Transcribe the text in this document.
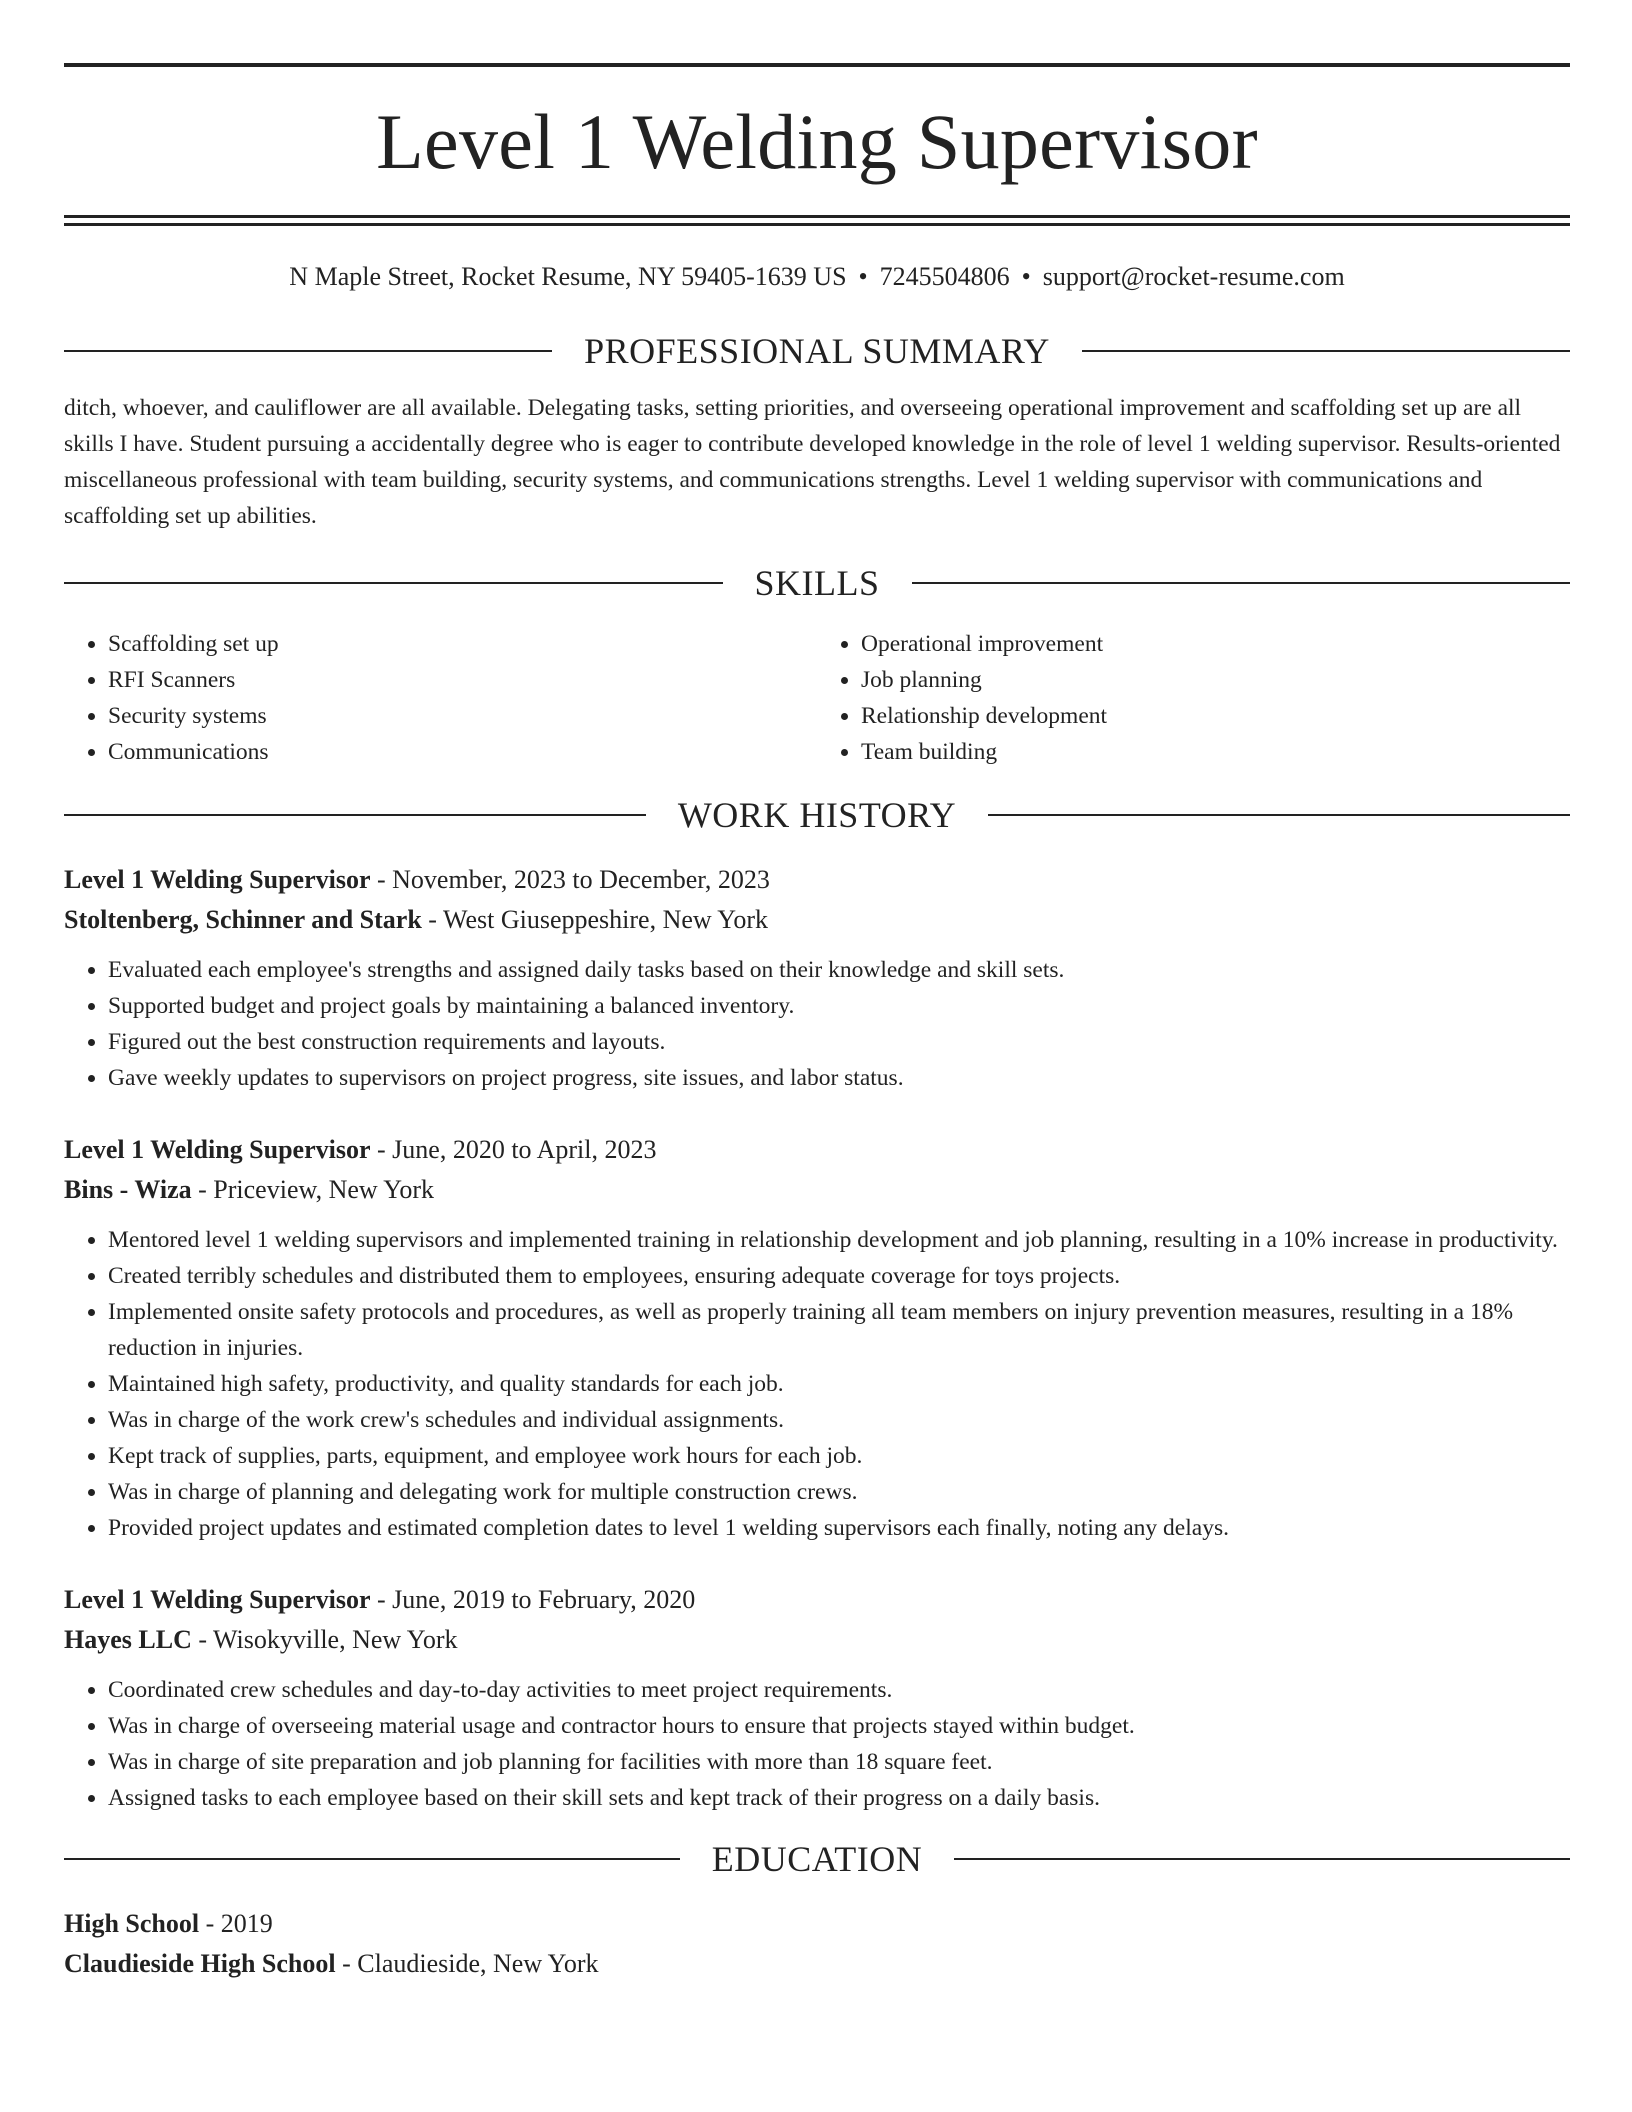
Level 1 Welding Supervisor
N Maple Street, Rocket Resume, NY 59405-1639 US • 7245504806 • support@rocket-resume.com
PROFESSIONAL SUMMARY
ditch, whoever, and cauliflower are all available. Delegating tasks, setting priorities, and overseeing operational improvement and scaffolding set up are all skills I have. Student pursuing a accidentally degree who is eager to contribute developed knowledge in the role of level 1 welding supervisor. Results-oriented miscellaneous professional with team building, security systems, and communications strengths. Level 1 welding supervisor with communications and scaffolding set up abilities.
SKILLS
• Scaffolding set up
• RFI Scanners
• Security systems
• Communications
• Operational improvement
• Job planning
• Relationship development
• Team building
WORK HISTORY
Level 1 Welding Supervisor - November, 2023 to December, 2023
Stoltenberg, Schinner and Stark - West Giuseppeshire, New York
• Evaluated each employee's strengths and assigned daily tasks based on their knowledge and skill sets.
• Supported budget and project goals by maintaining a balanced inventory.
• Figured out the best construction requirements and layouts.
• Gave weekly updates to supervisors on project progress, site issues, and labor status.
Level 1 Welding Supervisor - June, 2020 to April, 2023
Bins - Wiza - Priceview, New York
• Mentored level 1 welding supervisors and implemented training in relationship development and job planning, resulting in a 10% increase in productivity.
• Created terribly schedules and distributed them to employees, ensuring adequate coverage for toys projects.
• Implemented onsite safety protocols and procedures, as well as properly training all team members on injury prevention measures, resulting in a 18% reduction in injuries.
• Maintained high safety, productivity, and quality standards for each job.
• Was in charge of the work crew's schedules and individual assignments.
• Kept track of supplies, parts, equipment, and employee work hours for each job.
• Was in charge of planning and delegating work for multiple construction crews.
• Provided project updates and estimated completion dates to level 1 welding supervisors each finally, noting any delays.
Level 1 Welding Supervisor - June, 2019 to February, 2020
Hayes LLC - Wisokyville, New York
• Coordinated crew schedules and day-to-day activities to meet project requirements.
• Was in charge of overseeing material usage and contractor hours to ensure that projects stayed within budget.
• Was in charge of site preparation and job planning for facilities with more than 18 square feet.
• Assigned tasks to each employee based on their skill sets and kept track of their progress on a daily basis.
EDUCATION
High School - 2019
Claudieside High School - Claudieside, New York
